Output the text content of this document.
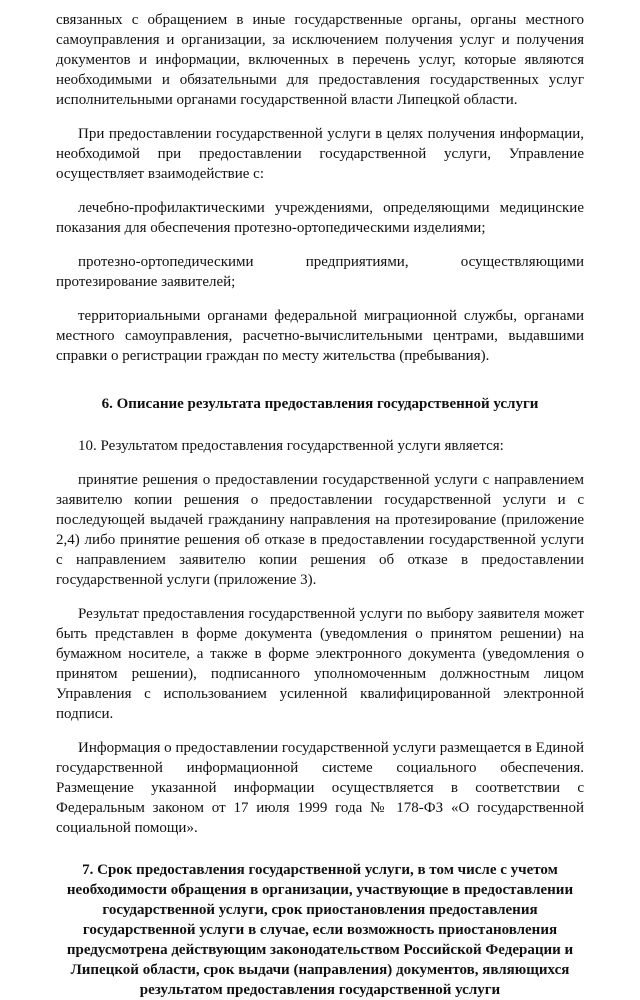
связанных с обращением в иные государственные органы, органы местного самоуправления и организации, за исключением получения услуг и получения документов и информации, включенных в перечень услуг, которые являются необходимыми и обязательными для предоставления государственных услуг исполнительными органами государственной власти Липецкой области.

При предоставлении государственной услуги в целях получения информации, необходимой при предоставлении государственной услуги, Управление осуществляет взаимодействие с:

лечебно-профилактическими учреждениями, определяющими медицинские показания для обеспечения протезно-ортопедическими изделиями;

протезно-ортопедическими предприятиями, осуществляющими протезирование заявителей;

территориальными органами федеральной миграционной службы, органами местного самоуправления, расчетно-вычислительными центрами, выдавшими справки о регистрации граждан по месту жительства (пребывания).

6. Описание результата предоставления государственной услуги

10. Результатом предоставления государственной услуги является:

принятие решения о предоставлении государственной услуги с направлением заявителю копии решения о предоставлении государственной услуги и с последующей выдачей гражданину направления на протезирование (приложение 2,4) либо принятие решения об отказе в предоставлении государственной услуги с направлением заявителю копии решения об отказе в предоставлении государственной услуги (приложение 3).

Результат предоставления государственной услуги по выбору заявителя может быть представлен в форме документа (уведомления о принятом решении) на бумажном носителе, а также в форме электронного документа (уведомления о принятом решении), подписанного уполномоченным должностным лицом Управления с использованием усиленной квалифицированной электронной подписи.

Информация о предоставлении государственной услуги размещается в Единой государственной информационной системе социального обеспечения. Размещение указанной информации осуществляется в соответствии с Федеральным законом от 17 июля 1999 года № 178-ФЗ «О государственной социальной помощи».

7. Срок предоставления государственной услуги, в том числе с учетом необходимости обращения в организации, участвующие в предоставлении государственной услуги, срок приостановления предоставления государственной услуги в случае, если возможность приостановления предусмотрена действующим законодательством Российской Федерации и Липецкой области, срок выдачи (направления) документов, являющихся результатом предоставления государственной услуги
